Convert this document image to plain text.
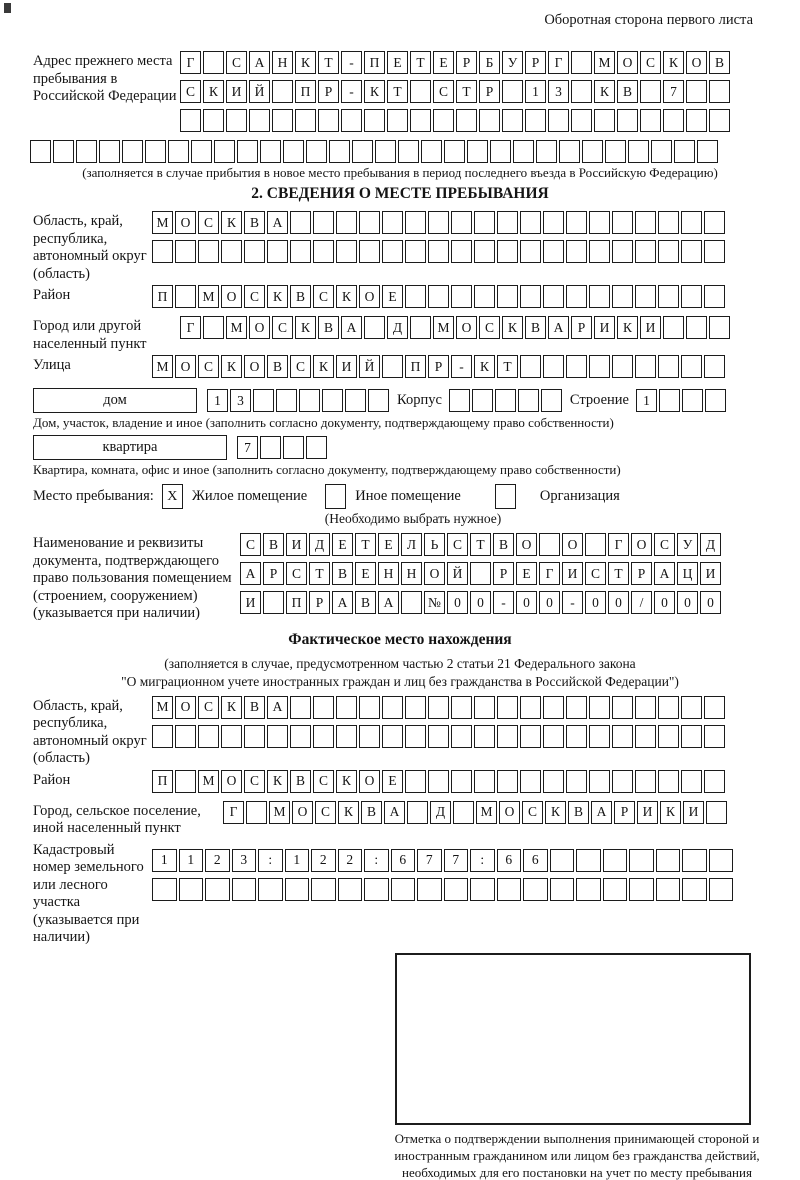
Оборотная сторона первого листа
Адрес прежнего места пребывания в Российской Федерации
Г	С	А Н	К	Т	-	П	Е	Т	Е	Р	Б	У	Р	Г	М О	С	К	О	В
С	К	И Й	П	Р	-	К	Т	С	Т	Р	1	3	К	В	7
(заполняется в случае прибытия в новое место пребывания в период последнего въезда в Российскую Федерацию)
2. СВЕДЕНИЯ О МЕСТЕ ПРЕБЫВАНИЯ
Область, край, республика, автономный округ (область)
М О	С	К	В	А
Район	П	М О	С	К	В	С	К	О	Е
Город или другой населенный пункт
Г	М О	С	К	В	А	Д	М О	С	К	В	А	Р	И	К	И
Улица	М О	С	К	О	В	С	К	И Й	П	Р	-	К	Т
дом	1	3	Корпус	Строение	1
Дом, участок, владение и иное (заполнить согласно документу, подтверждающему право собственности)
квартира	7
Квартира, комната, офис и иное (заполнить согласно документу, подтверждающему право собственности)
Место пребывания: X Жилое помещение	Иное помещение	Организация
(Необходимо выбрать нужное)
Наименование и реквизиты документа, подтверждающего право пользования помещением (строением, сооружением) (указывается при наличии)
С	В	И	Д	Е	Т	Е	Л	Ь	С	Т	В	О	О	Г	О	С	У	Д
А	Р	С	Т	В	Е	Н Н О Й	Р	Е	Г	И	С	Т	Р	А Ц И
И	П	Р	А	В	А	№ 0	0	-	0	0	-	0	0	/	0	0	0
Фактическое место нахождения
(заполняется в случае, предусмотренном частью 2 статьи 21 Федерального закона
"О миграционном учете иностранных граждан и лиц без гражданства в Российской Федерации")
Область, край, республика, автономный округ (область)
М О	С	К	В	А
Район	П	М О	С	К	В	С	К	О	Е
Город, сельское поселение, иной населенный пункт
Г	М О	С	К	В	А	Д	М О	С	К	В	А	Р	И	К	И
Кадастровый номер земельного или лесного участка (указывается при наличии)
1	1	2	3	:	1	2	2	:	6	7	7	:	6	6
Отметка о подтверждении выполнения принимающей стороной и иностранным гражданином или лицом без гражданства действий, необходимых для его постановки на учет по месту пребывания
